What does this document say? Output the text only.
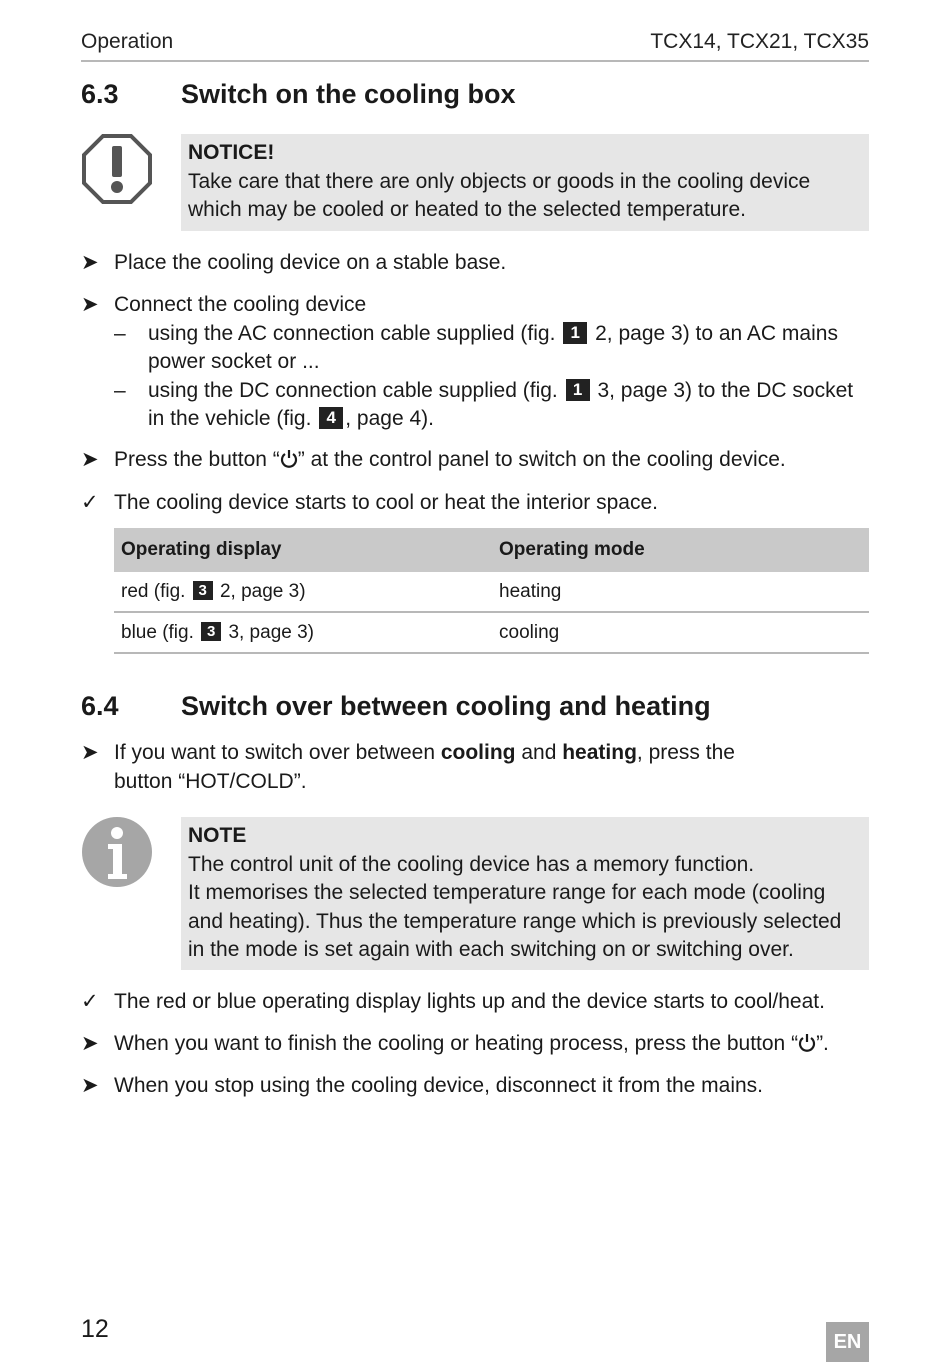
Operation	TCX14, TCX21, TCX35
6.3 Switch on the cooling box
NOTICE!
Take care that there are only objects or goods in the cooling device which may be cooled or heated to the selected temperature.
➤ Place the cooling device on a stable base.
➤ Connect the cooling device
–	using the AC connection cable supplied (fig. 1 2, page 3) to an AC mains power socket or ...
–	using the DC connection cable supplied (fig. 1 3, page 3) to the DC socket in the vehicle (fig. 4 , page 4).
➤ Press the button “ ” at the control panel to switch on the cooling device.
✓ The cooling device starts to cool or heat the interior space.
Operating display	Operating mode
red (fig. 3 2, page 3)	heating
blue (fig. 3 3, page 3)	cooling
6.4 Switch over between cooling and heating
➤ If you want to switch over between cooling and heating, press the button “HOT/COLD”.
NOTE
The control unit of the cooling device has a memory function.
It memorises the selected temperature range for each mode (cooling and heating). Thus the temperature range which is previously selected in the mode is set again with each switching on or switching over.
✓ The red or blue operating display lights up and the device starts to cool/heat.
➤ When you want to finish the cooling or heating process, press the button “ ”.
➤ When you stop using the cooling device, disconnect it from the mains.
12	EN
